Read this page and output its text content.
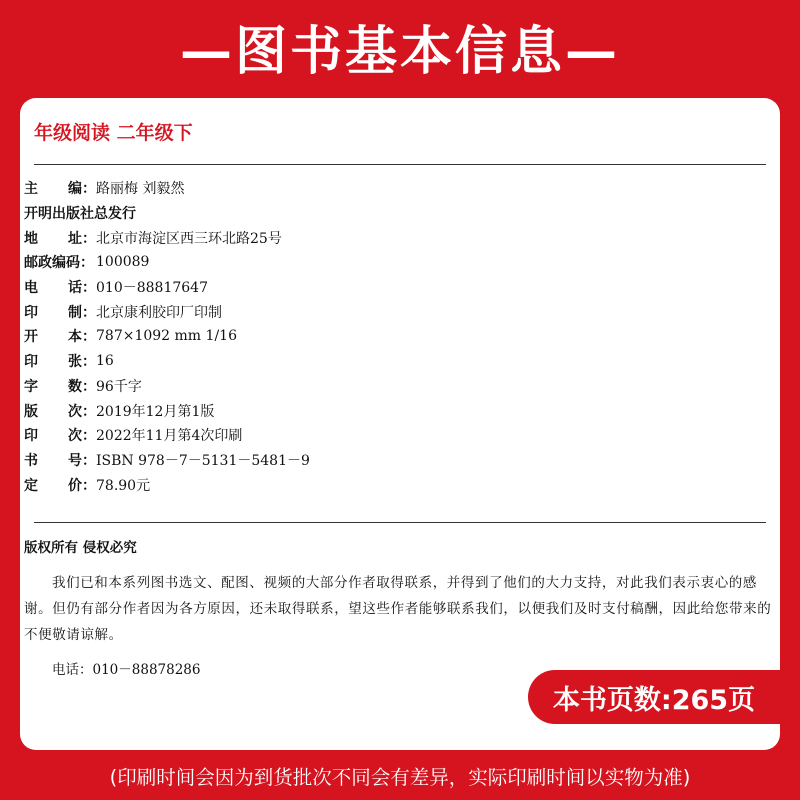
—图书基本信息—
年级阅读 二年级下
主 编： 路丽梅 刘毅然
开明出版社总发行
地 址： 北京市海淀区西三环北路25号
邮政编码： 100089
电 话： 010－88817647
印 制： 北京康利胶印厂印制
开 本： 787×1092 mm 1/16
印 张： 16
字 数： 96千字
版 次： 2019年12月第1版
印 次： 2022年11月第4次印刷
书 号： ISBN 978－7－5131－5481－9
定 价： 78.90元
版权所有 侵权必究
我们已和本系列图书选文、配图、视频的大部分作者取得联系，并得到了他们的大力支持，对此我们表示衷心的感谢。但仍有部分作者因为各方原因，还未取得联系，望这些作者能够联系我们，以便我们及时支付稿酬，因此给您带来的不便敬请谅解。
电话：010－88878286
本书页数:265页
(印刷时间会因为到货批次不同会有差异，实际印刷时间以实物为准)
